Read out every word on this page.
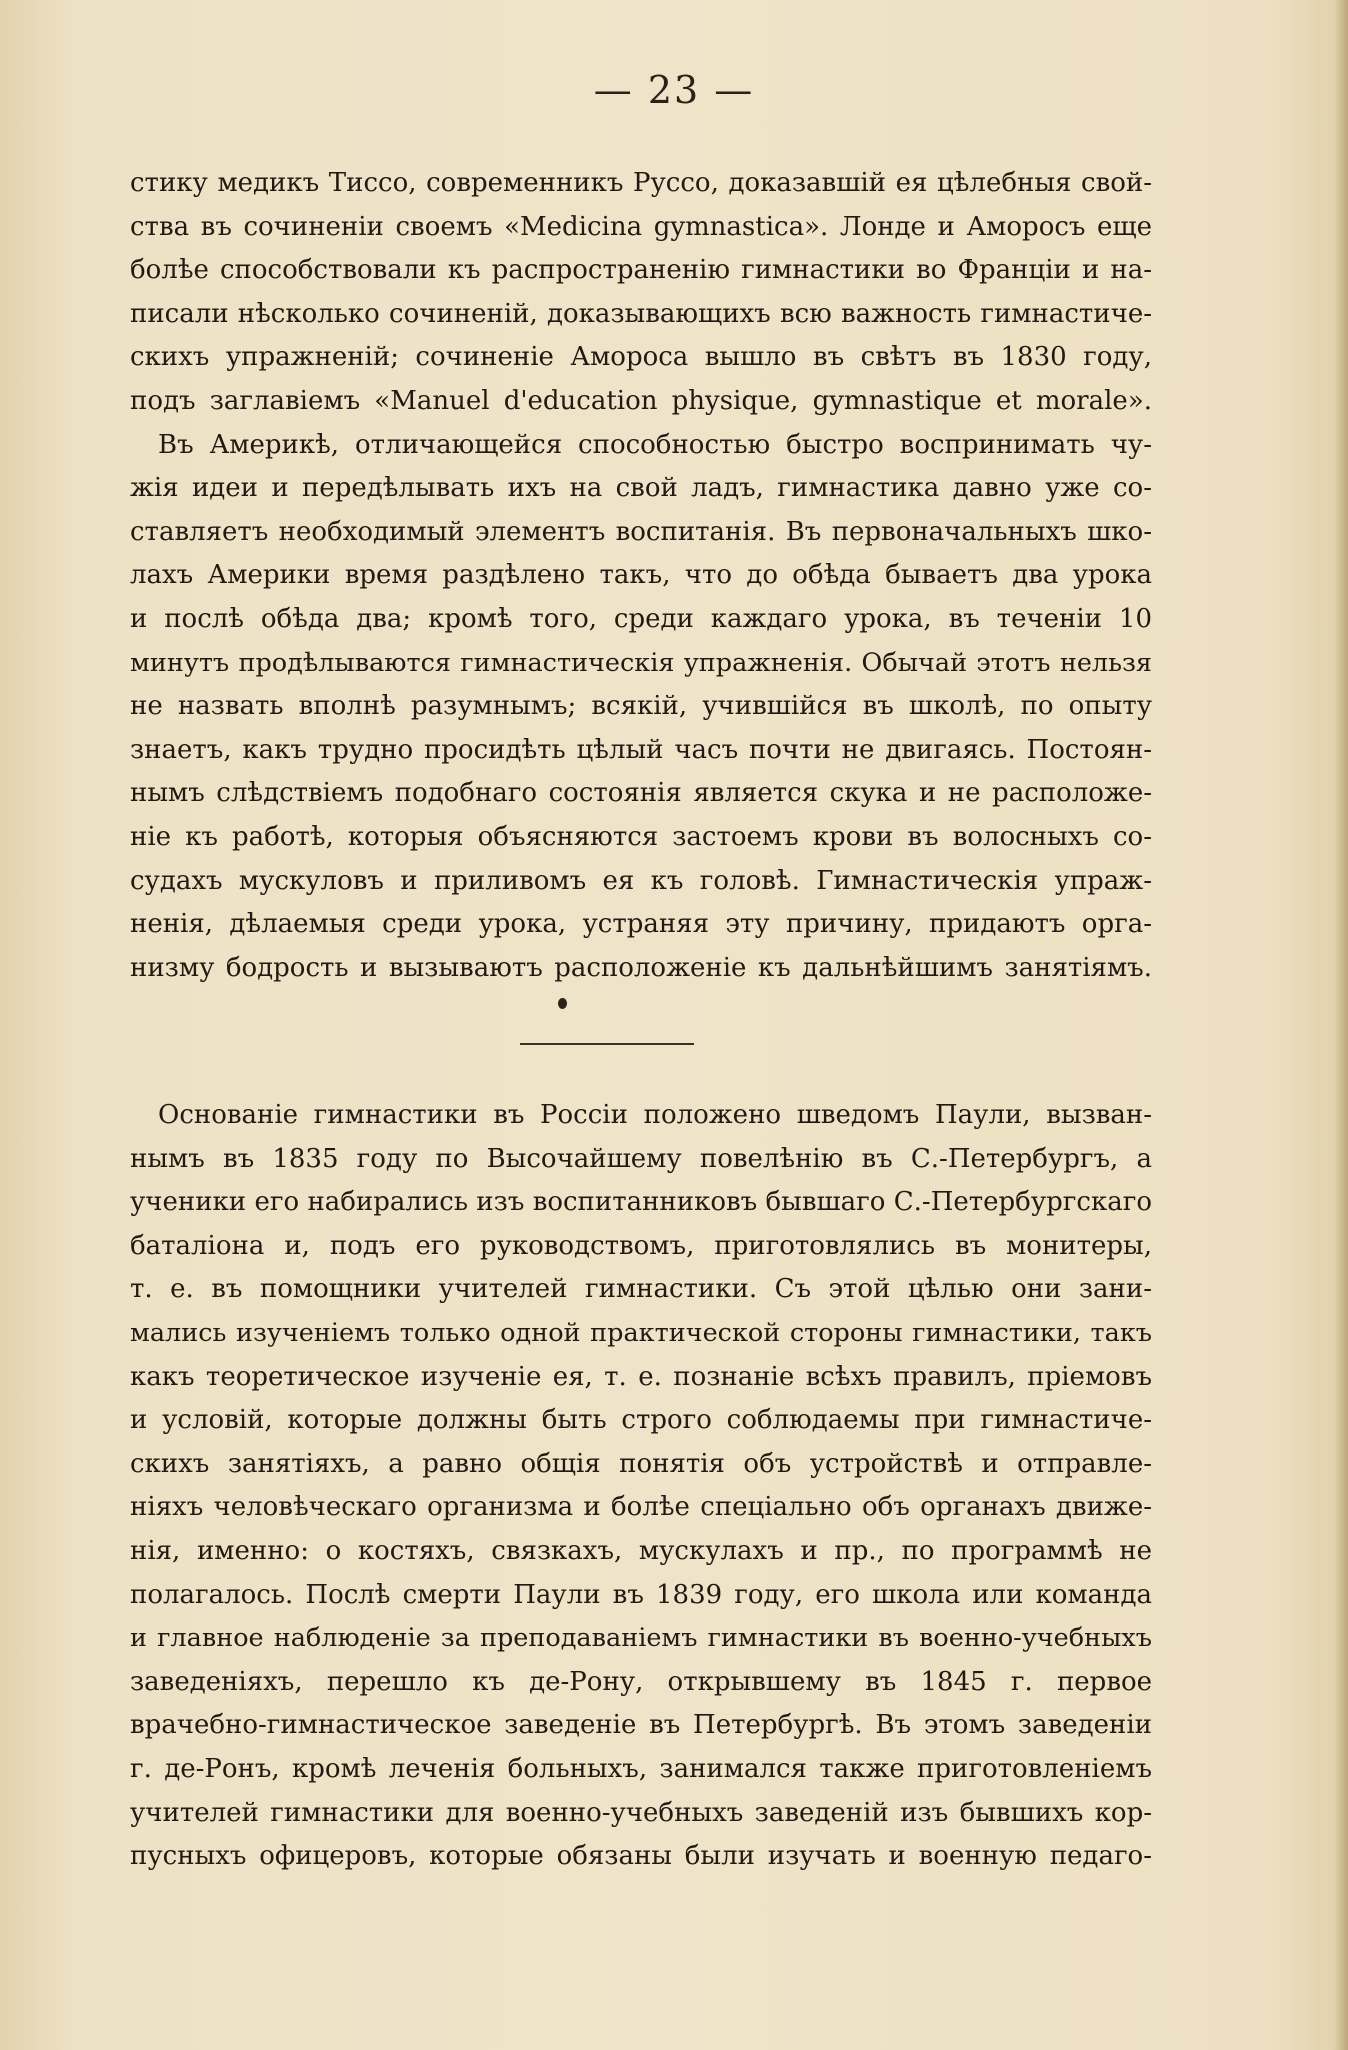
— 23 —
стику медикъ Тиссо, современникъ Руссо, доказавшій ея цѣлебныя свой-
ства въ сочиненіи своемъ «Medicina gymnastica». Лонде и Аморосъ еще
болѣе способствовали къ распространенію гимнастики во Франціи и на-
писали нѣсколько сочиненій, доказывающихъ всю важность гимнастиче-
скихъ упражненій; сочиненіе Амороса вышло въ свѣтъ въ 1830 году,
подъ заглавіемъ «Manuel d'education physique, gymnastique et morale».
Въ Америкѣ, отличающейся способностью быстро воспринимать чу-
жія идеи и передѣлывать ихъ на свой ладъ, гимнастика давно уже со-
ставляетъ необходимый элементъ воспитанія. Въ первоначальныхъ шко-
лахъ Америки время раздѣлено такъ, что до обѣда бываетъ два урока
и послѣ обѣда два; кромѣ того, среди каждаго урока, въ теченіи 10
минутъ продѣлываются гимнастическія упражненія. Обычай этотъ нельзя
не назвать вполнѣ разумнымъ; всякій, учившійся въ школѣ, по опыту
знаетъ, какъ трудно просидѣть цѣлый часъ почти не двигаясь. Постоян-
нымъ слѣдствіемъ подобнаго состоянія является скука и не расположе-
ніе къ работѣ, которыя объясняются застоемъ крови въ волосныхъ со-
судахъ мускуловъ и приливомъ ея къ головѣ. Гимнастическія упраж-
ненія, дѣлаемыя среди урока, устраняя эту причину, придаютъ орга-
низму бодрость и вызываютъ расположеніе къ дальнѣйшимъ занятіямъ.
Основаніе гимнастики въ Россіи положено шведомъ Паули, вызван-
нымъ въ 1835 году по Высочайшему повелѣнію въ С.-Петербургъ, а
ученики его набирались изъ воспитанниковъ бывшаго С.-Петербургскаго
баталіона и, подъ его руководствомъ, приготовлялись въ монитеры,
т. е. въ помощники учителей гимнастики. Съ этой цѣлью они зани-
мались изученіемъ только одной практической стороны гимнастики, такъ
какъ теоретическое изученіе ея, т. е. познаніе всѣхъ правилъ, пріемовъ
и условій, которые должны быть строго соблюдаемы при гимнастиче-
скихъ занятіяхъ, а равно общія понятія объ устройствѣ и отправле-
ніяхъ человѣческаго организма и болѣе спеціально объ органахъ движе-
нія, именно: о костяхъ, связкахъ, мускулахъ и пр., по программѣ не
полагалось. Послѣ смерти Паули въ 1839 году, его школа или команда
и главное наблюденіе за преподаваніемъ гимнастики въ военно-учебныхъ
заведеніяхъ, перешло къ де-Рону, открывшему въ 1845 г. первое
врачебно-гимнастическое заведеніе въ Петербургѣ. Въ этомъ заведеніи
г. де-Ронъ, кромѣ леченія больныхъ, занимался также приготовленіемъ
учителей гимнастики для военно-учебныхъ заведеній изъ бывшихъ кор-
пусныхъ офицеровъ, которые обязаны были изучать и военную педаго-
